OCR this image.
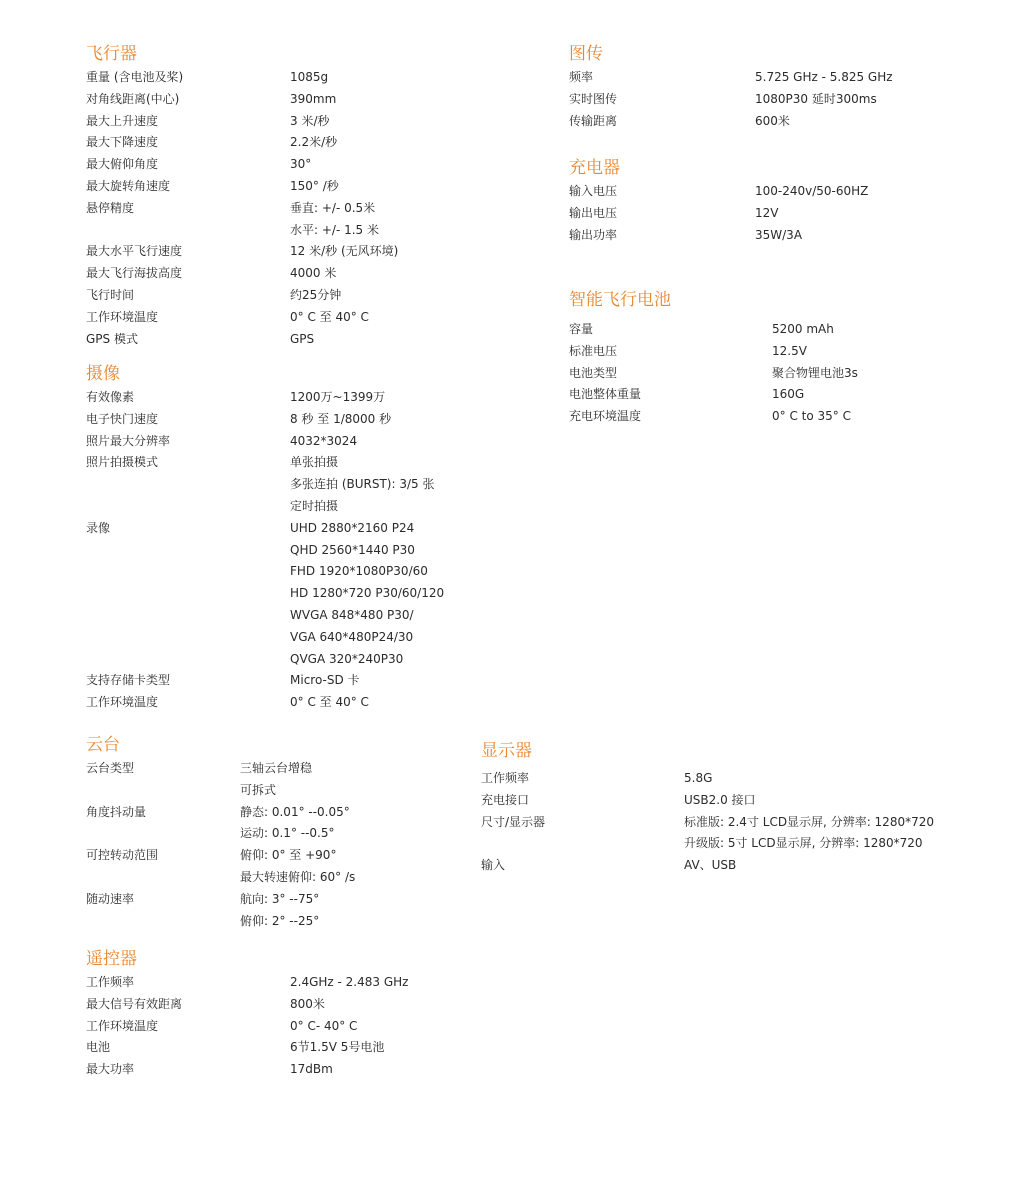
飞行器
重量 (含电池及桨)	1085g
对角线距离(中心)	390mm
最大上升速度	3 米/秒
最大下降速度	2.2米/秒
最大俯仰角度	30°
最大旋转角速度	150° /秒
悬停精度	垂直: +/- 0.5米
水平: +/- 1.5 米
最大水平飞行速度	12 米/秒 (无风环境)
最大飞行海拔高度	4000 米
飞行时间	约25分钟
工作环境温度	0° C 至 40° C
GPS 模式	GPS
摄像
有效像素	1200万~1399万
电子快门速度	8 秒 至 1/8000 秒
照片最大分辨率	4032*3024
照片拍摄模式	单张拍摄
多张连拍 (BURST): 3/5 张
定时拍摄
录像	UHD 2880*2160 P24
QHD 2560*1440 P30
FHD 1920*1080P30/60
HD 1280*720 P30/60/120
WVGA 848*480 P30/
VGA 640*480P24/30
QVGA 320*240P30
支持存储卡类型	Micro-SD 卡
工作环境温度	0° C 至 40° C
云台
云台类型	三轴云台增稳
可拆式
角度抖动量	静态: 0.01° --0.05°
运动: 0.1° --0.5°
可控转动范围	俯仰: 0° 至 +90°
最大转速俯仰: 60° /s
随动速率	航向: 3° --75°
俯仰: 2° --25°
遥控器
工作频率	2.4GHz - 2.483 GHz
最大信号有效距离	800米
工作环境温度	0° C- 40° C
电池	6节1.5V 5号电池
最大功率	17dBm
图传
频率	5.725 GHz - 5.825 GHz
实时图传	1080P30 延时300ms
传输距离	600米
充电器
输入电压	100-240v/50-60HZ
输出电压	12V
输出功率	35W/3A
智能飞行电池
容量	5200 mAh
标准电压	12.5V
电池类型	聚合物锂电池3s
电池整体重量	160G
充电环境温度	0° C to 35° C
显示器
工作频率	5.8G
充电接口	USB2.0 接口
尺寸/显示器	标准版: 2.4寸 LCD显示屏, 分辨率: 1280*720
升级版: 5寸 LCD显示屏, 分辨率: 1280*720
输入	AV、USB
